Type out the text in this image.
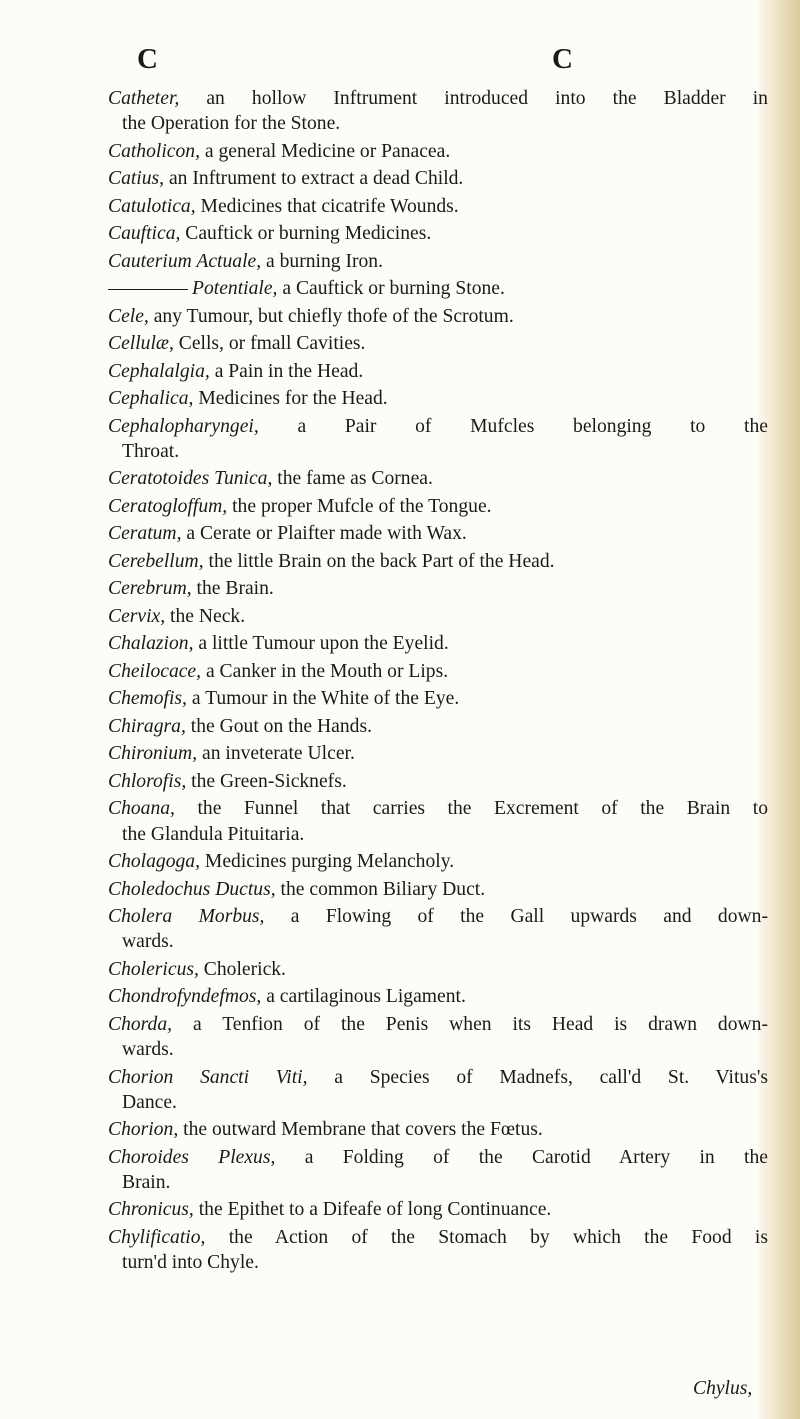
C	C
Catheter, an hollow Inftrument introduced into the Bladder in
the Operation for the Stone.
Catholicon, a general Medicine or Panacea.
Catius, an Inftrument to extract a dead Child.
Catulotica, Medicines that cicatrife Wounds.
Cauftica, Cauftick or burning Medicines.
Cauterium Actuale, a burning Iron.
Potentiale, a Cauftick or burning Stone.
Cele, any Tumour, but chiefly thofe of the Scrotum.
Cellulæ, Cells, or fmall Cavities.
Cephalalgia, a Pain in the Head.
Cephalica, Medicines for the Head.
Cephalopharyngei, a Pair of Mufcles belonging to the
Throat.
Ceratotoides Tunica, the fame as Cornea.
Ceratogloffum, the proper Mufcle of the Tongue.
Ceratum, a Cerate or Plaifter made with Wax.
Cerebellum, the little Brain on the back Part of the Head.
Cerebrum, the Brain.
Cervix, the Neck.
Chalazion, a little Tumour upon the Eyelid.
Cheilocace, a Canker in the Mouth or Lips.
Chemofis, a Tumour in the White of the Eye.
Chiragra, the Gout on the Hands.
Chironium, an inveterate Ulcer.
Chlorofis, the Green-Sicknefs.
Choana, the Funnel that carries the Excrement of the Brain to
the Glandula Pituitaria.
Cholagoga, Medicines purging Melancholy.
Choledochus Ductus, the common Biliary Duct.
Cholera Morbus, a Flowing of the Gall upwards and down-
wards.
Cholericus, Cholerick.
Chondrofyndefmos, a cartilaginous Ligament.
Chorda, a Tenfion of the Penis when its Head is drawn down-
wards.
Chorion Sancti Viti, a Species of Madnefs, call'd St. Vitus's
Dance.
Chorion, the outward Membrane that covers the Fœtus.
Choroides Plexus, a Folding of the Carotid Artery in the
Brain.
Chronicus, the Epithet to a Difeafe of long Continuance.
Chylificatio, the Action of the Stomach by which the Food is
turn'd into Chyle.
Chylus,
